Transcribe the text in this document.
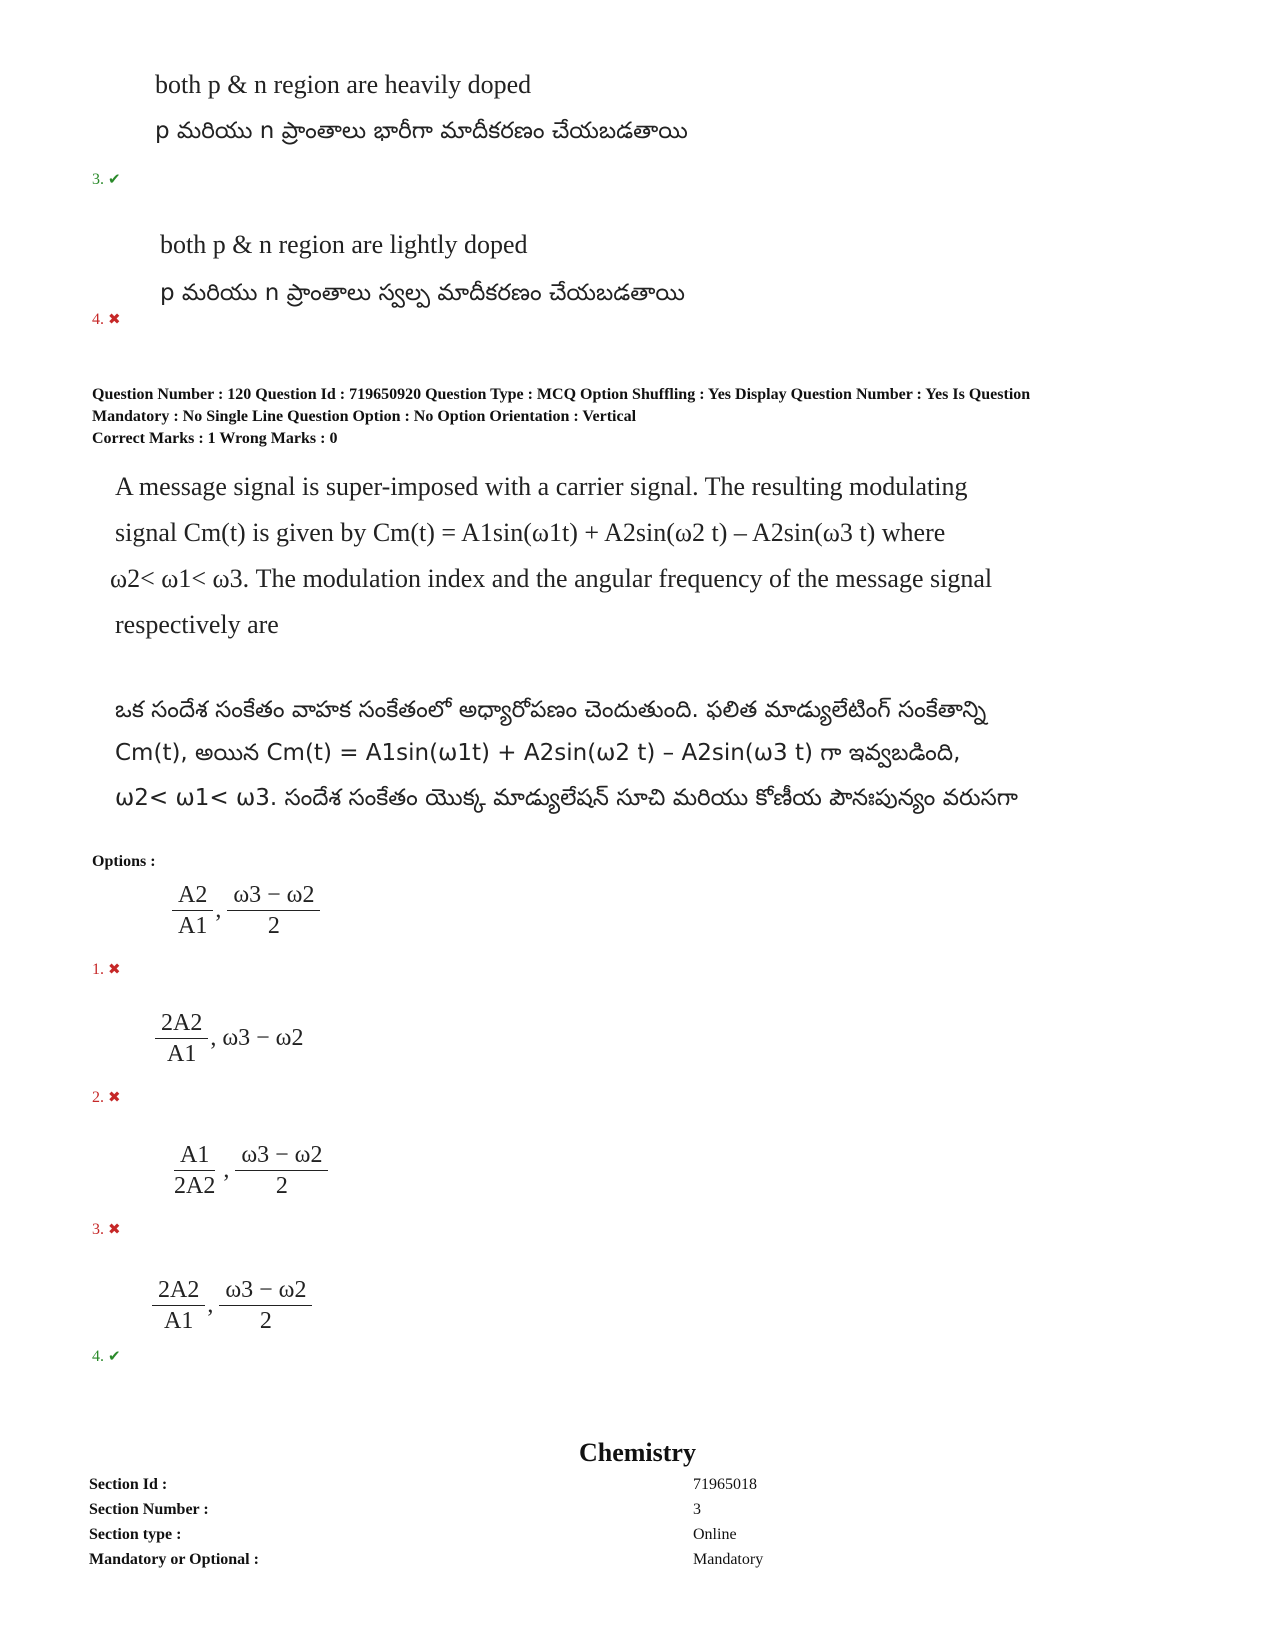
both p & n region are heavily doped
p మరియు n ప్రాంతాలు భారీగా మాదీకరణం చేయబడతాయి
3. ✔
both p & n region are lightly doped
p మరియు n ప్రాంతాలు స్వల్ప మాదీకరణం చేయబడతాయి
4. ✖
Question Number : 120 Question Id : 719650920 Question Type : MCQ Option Shuffling : Yes Display Question Number : Yes Is Question
Mandatory : No Single Line Question Option : No Option Orientation : Vertical
Correct Marks : 1 Wrong Marks : 0
A message signal is super-imposed with a carrier signal. The resulting modulating
signal Cm(t) is given by Cm(t) = A1sin(ω1t) + A2sin(ω2 t) – A2sin(ω3 t) where
ω2< ω1< ω3. The modulation index and the angular frequency of the message signal
respectively are
ఒక సందేశ సంకేతం వాహక సంకేతంలో అధ్యారోపణం చెందుతుంది. ఫలిత మాడ్యులేటింగ్ సంకేతాన్ని
Cm(t), అయిన Cm(t) = A1sin(ω1t) + A2sin(ω2 t) – A2sin(ω3 t) గా ఇవ్వబడింది,
ω2< ω1< ω3. సందేశ సంకేతం యొక్క మాడ్యులేషన్ సూచి మరియు కోణీయ పౌనఃపున్యం వరుసగా
Options :
$\frac{A2}{A1}$ , $\frac{\omega 3 - \omega 2}{2}$
1. ✖
$\frac{2A2}{A1}$ , ω3 − ω2
2. ✖
$\frac{A1}{2A2}$ , $\frac{\omega 3 - \omega 2}{2}$
3. ✖
$\frac{2A2}{A1}$ , $\frac{\omega 3 - \omega 2}{2}$
4. ✔
Chemistry
Section Id :	71965018
Section Number :	3
Section type :	Online
Mandatory or Optional :	Mandatory
